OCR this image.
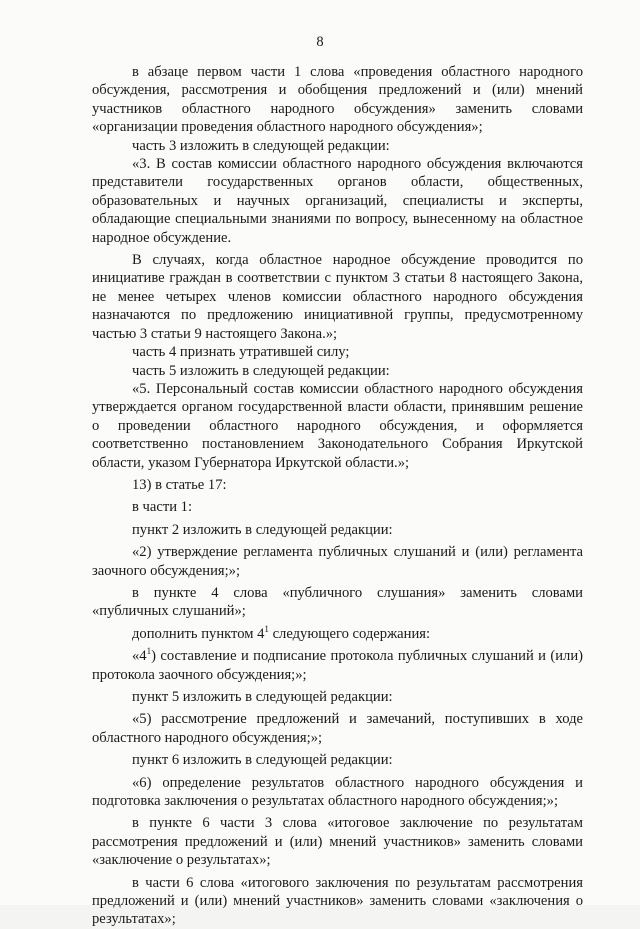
8

в абзаце первом части 1 слова «проведения областного народного обсуждения, рассмотрения и обобщения предложений и (или) мнений участников областного народного обсуждения» заменить словами «организации проведения областного народного обсуждения»;

часть 3 изложить в следующей редакции:

«3. В состав комиссии областного народного обсуждения включаются представители государственных органов области, общественных, образовательных и научных организаций, специалисты и эксперты, обладающие специальными знаниями по вопросу, вынесенному на областное народное обсуждение.

В случаях, когда областное народное обсуждение проводится по инициативе граждан в соответствии с пунктом 3 статьи 8 настоящего Закона, не менее четырех членов комиссии областного народного обсуждения назначаются по предложению инициативной группы, предусмотренному частью 3 статьи 9 настоящего Закона.»;

часть 4 признать утратившей силу;

часть 5 изложить в следующей редакции:

«5. Персональный состав комиссии областного народного обсуждения утверждается органом государственной власти области, принявшим решение о проведении областного народного обсуждения, и оформляется соответственно постановлением Законодательного Собрания Иркутской области, указом Губернатора Иркутской области.»;

13) в статье 17:

в части 1:

пункт 2 изложить в следующей редакции:

«2) утверждение регламента публичных слушаний и (или) регламента заочного обсуждения;»;

в пункте 4 слова «публичного слушания» заменить словами «публичных слушаний»;

дополнить пунктом $4^1$ следующего содержания:

«$4^1$) составление и подписание протокола публичных слушаний и (или) протокола заочного обсуждения;»;

пункт 5 изложить в следующей редакции:

«5) рассмотрение предложений и замечаний, поступивших в ходе областного народного обсуждения;»;

пункт 6 изложить в следующей редакции:

«6) определение результатов областного народного обсуждения и подготовка заключения о результатах областного народного обсуждения;»;

в пункте 6 части 3 слова «итоговое заключение по результатам рассмотрения предложений и (или) мнений участников» заменить словами «заключение о результатах»;

в части 6 слова «итогового заключения по результатам рассмотрения предложений и (или) мнений участников» заменить словами «заключения о результатах»;
